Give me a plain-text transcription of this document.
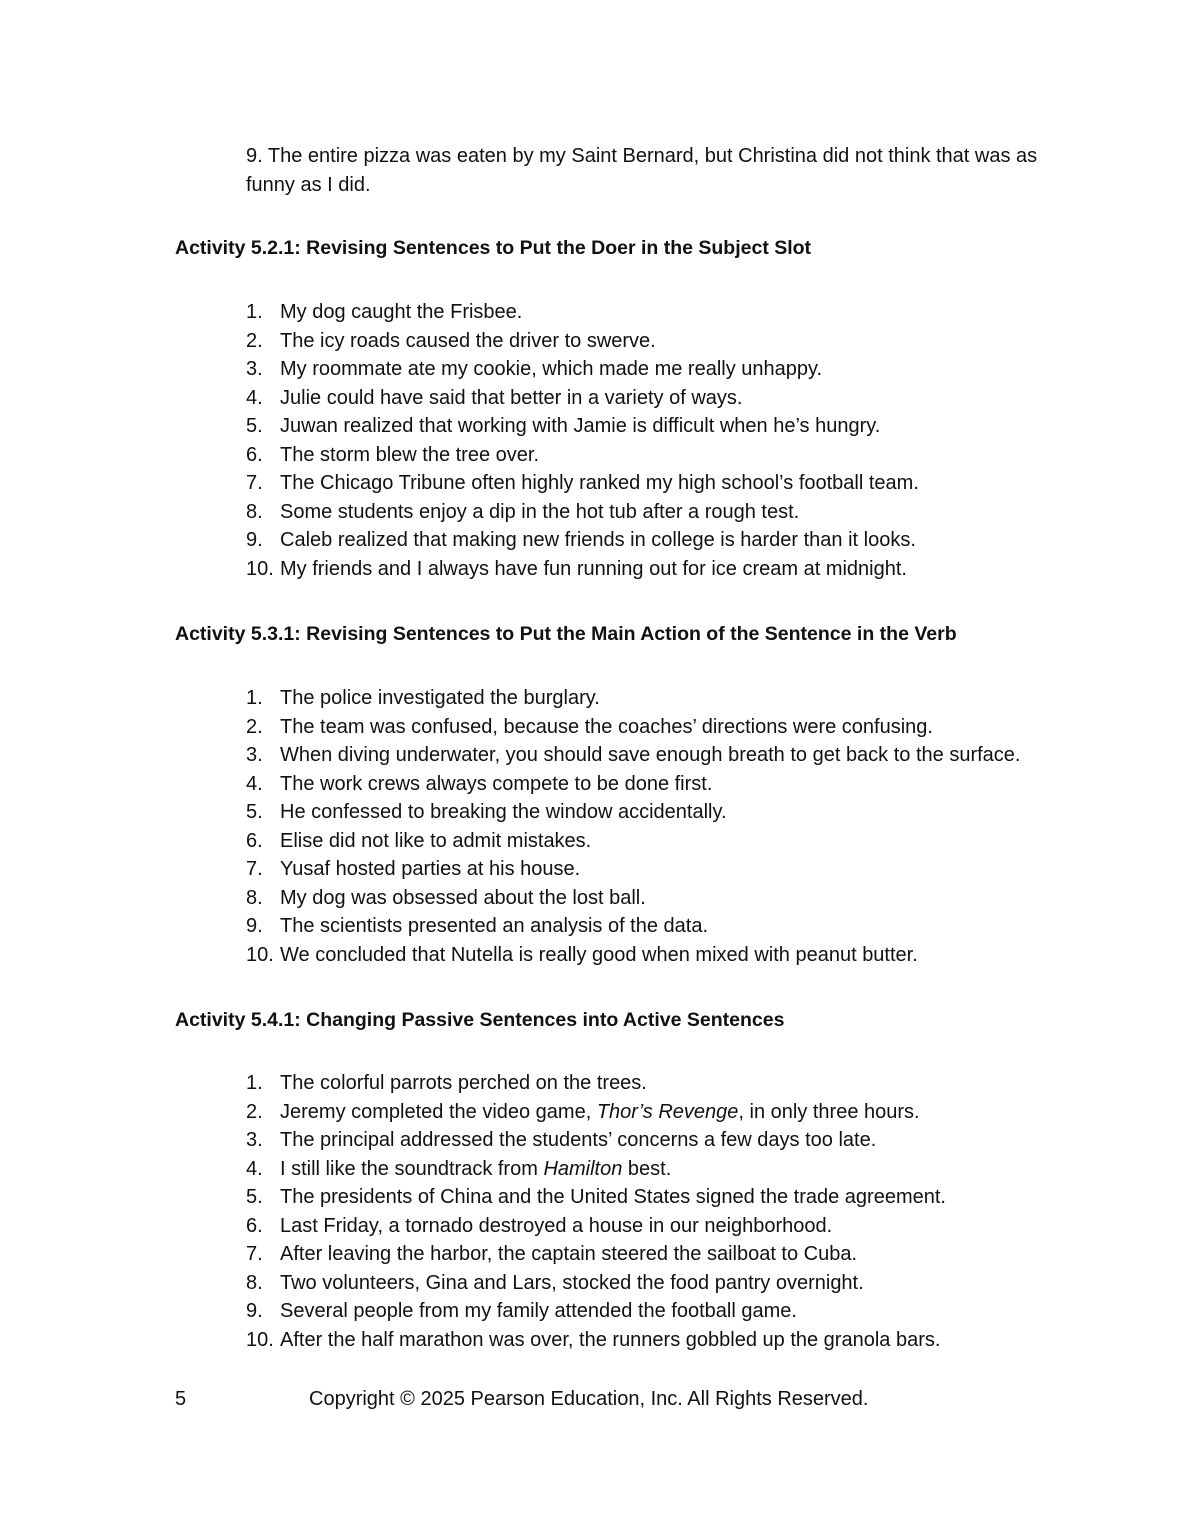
9. The entire pizza was eaten by my Saint Bernard, but Christina did not think that was as funny as I did.

Activity 5.2.1: Revising Sentences to Put the Doer in the Subject Slot
1. My dog caught the Frisbee.
2. The icy roads caused the driver to swerve.
3. My roommate ate my cookie, which made me really unhappy.
4. Julie could have said that better in a variety of ways.
5. Juwan realized that working with Jamie is difficult when he’s hungry.
6. The storm blew the tree over.
7. The Chicago Tribune often highly ranked my high school’s football team.
8. Some students enjoy a dip in the hot tub after a rough test.
9. Caleb realized that making new friends in college is harder than it looks.
10. My friends and I always have fun running out for ice cream at midnight.
Activity 5.3.1: Revising Sentences to Put the Main Action of the Sentence in the Verb
1. The police investigated the burglary.
2. The team was confused, because the coaches’ directions were confusing.
3. When diving underwater, you should save enough breath to get back to the surface.
4. The work crews always compete to be done first.
5. He confessed to breaking the window accidentally.
6. Elise did not like to admit mistakes.
7. Yusaf hosted parties at his house.
8. My dog was obsessed about the lost ball.
9. The scientists presented an analysis of the data.
10. We concluded that Nutella is really good when mixed with peanut butter.
Activity 5.4.1: Changing Passive Sentences into Active Sentences
1. The colorful parrots perched on the trees.
2. Jeremy completed the video game, Thor’s Revenge, in only three hours.
3. The principal addressed the students’ concerns a few days too late.
4. I still like the soundtrack from Hamilton best.
5. The presidents of China and the United States signed the trade agreement.
6. Last Friday, a tornado destroyed a house in our neighborhood.
7. After leaving the harbor, the captain steered the sailboat to Cuba.
8. Two volunteers, Gina and Lars, stocked the food pantry overnight.
9. Several people from my family attended the football game.
10. After the half marathon was over, the runners gobbled up the granola bars.
5	Copyright © 2025 Pearson Education, Inc. All Rights Reserved.
